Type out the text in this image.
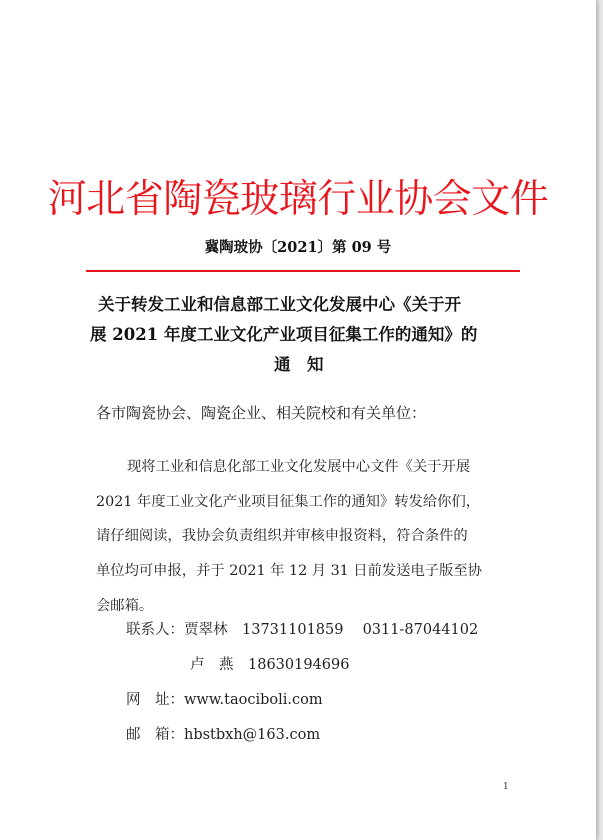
河北省陶瓷玻璃行业协会文件
冀陶玻协〔2021〕第 09 号
关于转发工业和信息部工业文化发展中心《关于开
展 2021 年度工业文化产业项目征集工作的通知》的
通　知
各市陶瓷协会、陶瓷企业、相关院校和有关单位：
现将工业和信息化部工业文化发展中心文件《关于开展
2021 年度工业文化产业项目征集工作的通知》转发给你们，
请仔细阅读，我协会负责组织并审核申报资料，符合条件的
单位均可申报，并于 2021 年 12 月 31 日前发送电子版至协
会邮箱。
联系人：贾翠林　13731101859　 0311-87044102
卢　燕　18630194696
网　址：www.taociboli.com
邮　箱：hbstbxh@163.com
1
